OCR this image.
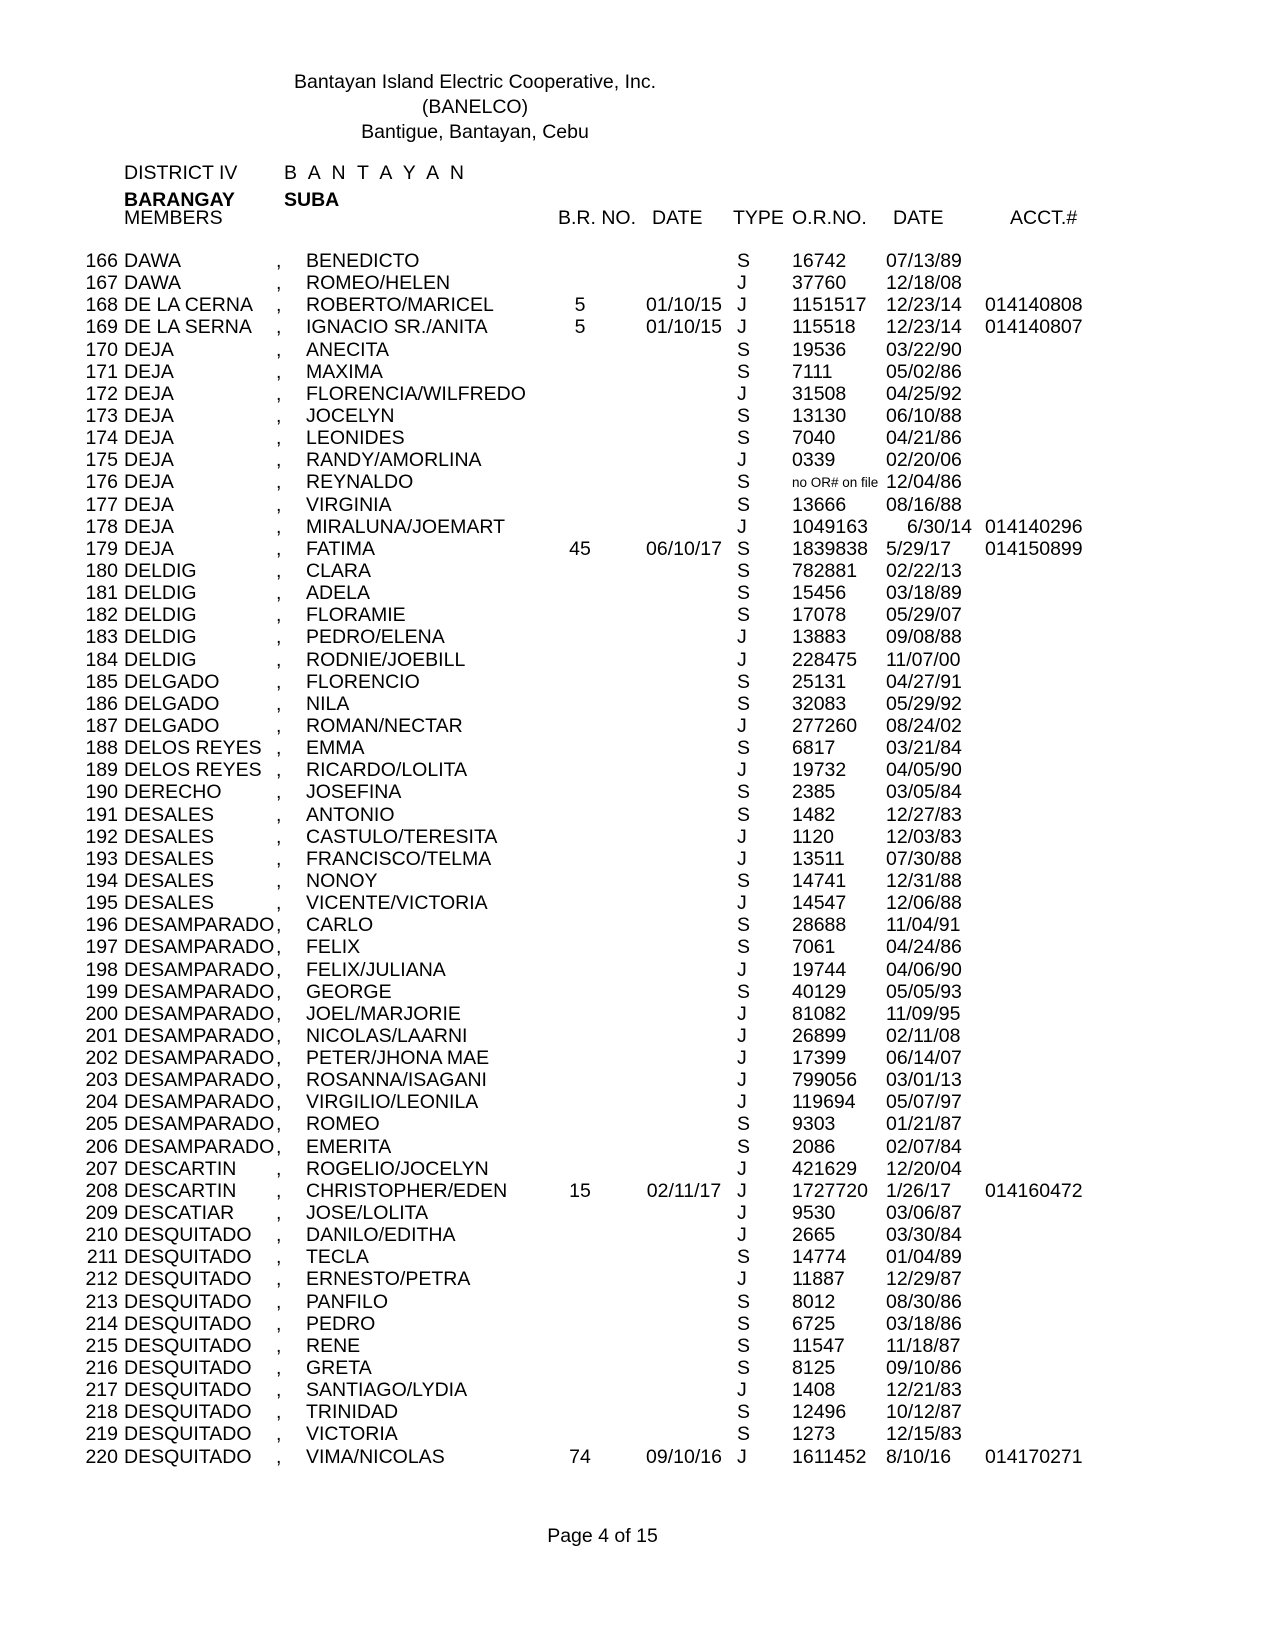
Bantayan Island Electric Cooperative, Inc.
(BANELCO)
Bantigue, Bantayan, Cebu
DISTRICT IV B A N T A Y A N
BARANGAY	SUBA
MEMBERS	B.R. NO. DATE TYPE O.R.NO. DATE	ACCT.#
166 DAWA	, BENEDICTO	S 16742 07/13/89
167 DAWA	, ROMEO/HELEN	J 37760 12/18/08
168 DE LA CERNA , ROBERTO/MARICEL	5	01/10/15 J 1151517 12/23/14	014140808
169 DE LA SERNA , IGNACIO SR./ANITA	5	01/10/15 J 115518 12/23/14	014140807
170 DEJA	, ANECITA	S 19536 03/22/90
171 DEJA	, MAXIMA	S 7111	05/02/86
172 DEJA	, FLORENCIA/WILFREDO	J 31508 04/25/92
173 DEJA	, JOCELYN	S 13130 06/10/88
174 DEJA	, LEONIDES	S 7040	04/21/86
175 DEJA	, RANDY/AMORLINA	J 0339	02/20/06
176 DEJA	, REYNALDO	S	no OR# on file 12/04/86
177 DEJA	, VIRGINIA	S 13666 08/16/88
178 DEJA	, MIRALUNA/JOEMART	J 1049163	6/30/14 014140296
179 DEJA	, FATIMA	45	06/10/17 S 1839838 5/29/17	014150899
180 DELDIG	, CLARA	S 782881 02/22/13
181 DELDIG	, ADELA	S 15456 03/18/89
182 DELDIG	, FLORAMIE	S 17078 05/29/07
183 DELDIG	, PEDRO/ELENA	J 13883 09/08/88
184 DELDIG	, RODNIE/JOEBILL	J 228475 11/07/00
185 DELGADO	, FLORENCIO	S 25131 04/27/91
186 DELGADO	, NILA	S 32083 05/29/92
187 DELGADO	, ROMAN/NECTAR	J 277260 08/24/02
188 DELOS REYES , EMMA	S 6817	03/21/84
189 DELOS REYES , RICARDO/LOLITA	J 19732 04/05/90
190 DERECHO	, JOSEFINA	S 2385	03/05/84
191 DESALES	, ANTONIO	S 1482	12/27/83
192 DESALES	, CASTULO/TERESITA	J 1120	12/03/83
193 DESALES	, FRANCISCO/TELMA	J 13511 07/30/88
194 DESALES	, NONOY	S 14741 12/31/88
195 DESALES	, VICENTE/VICTORIA	J 14547 12/06/88
196 DESAMPARADO , CARLO	S 28688 11/04/91
197 DESAMPARADO , FELIX	S 7061	04/24/86
198 DESAMPARADO , FELIX/JULIANA	J 19744 04/06/90
199 DESAMPARADO , GEORGE	S 40129 05/05/93
200 DESAMPARADO , JOEL/MARJORIE	J 81082 11/09/95
201 DESAMPARADO , NICOLAS/LAARNI	J 26899 02/11/08
202 DESAMPARADO , PETER/JHONA MAE	J 17399 06/14/07
203 DESAMPARADO , ROSANNA/ISAGANI	J 799056 03/01/13
204 DESAMPARADO , VIRGILIO/LEONILA	J 119694 05/07/97
205 DESAMPARADO , ROMEO	S 9303	01/21/87
206 DESAMPARADO , EMERITA	S 2086	02/07/84
207 DESCARTIN , ROGELIO/JOCELYN	J 421629 12/20/04
208 DESCARTIN , CHRISTOPHER/EDEN	15	02/11/17 J 1727720 1/26/17	014160472
209 DESCATIAR , JOSE/LOLITA	J 9530	03/06/87
210 DESQUITADO , DANILO/EDITHA	J 2665	03/30/84
211 DESQUITADO , TECLA	S 14774 01/04/89
212 DESQUITADO , ERNESTO/PETRA	J 11887 12/29/87
213 DESQUITADO , PANFILO	S 8012	08/30/86
214 DESQUITADO , PEDRO	S 6725	03/18/86
215 DESQUITADO , RENE	S 11547 11/18/87
216 DESQUITADO , GRETA	S 8125	09/10/86
217 DESQUITADO , SANTIAGO/LYDIA	J 1408	12/21/83
218 DESQUITADO , TRINIDAD	S 12496 10/12/87
219 DESQUITADO , VICTORIA	S 1273	12/15/83
220 DESQUITADO , VIMA/NICOLAS	74	09/10/16 J 1611452 8/10/16	014170271
Page 4 of 15
